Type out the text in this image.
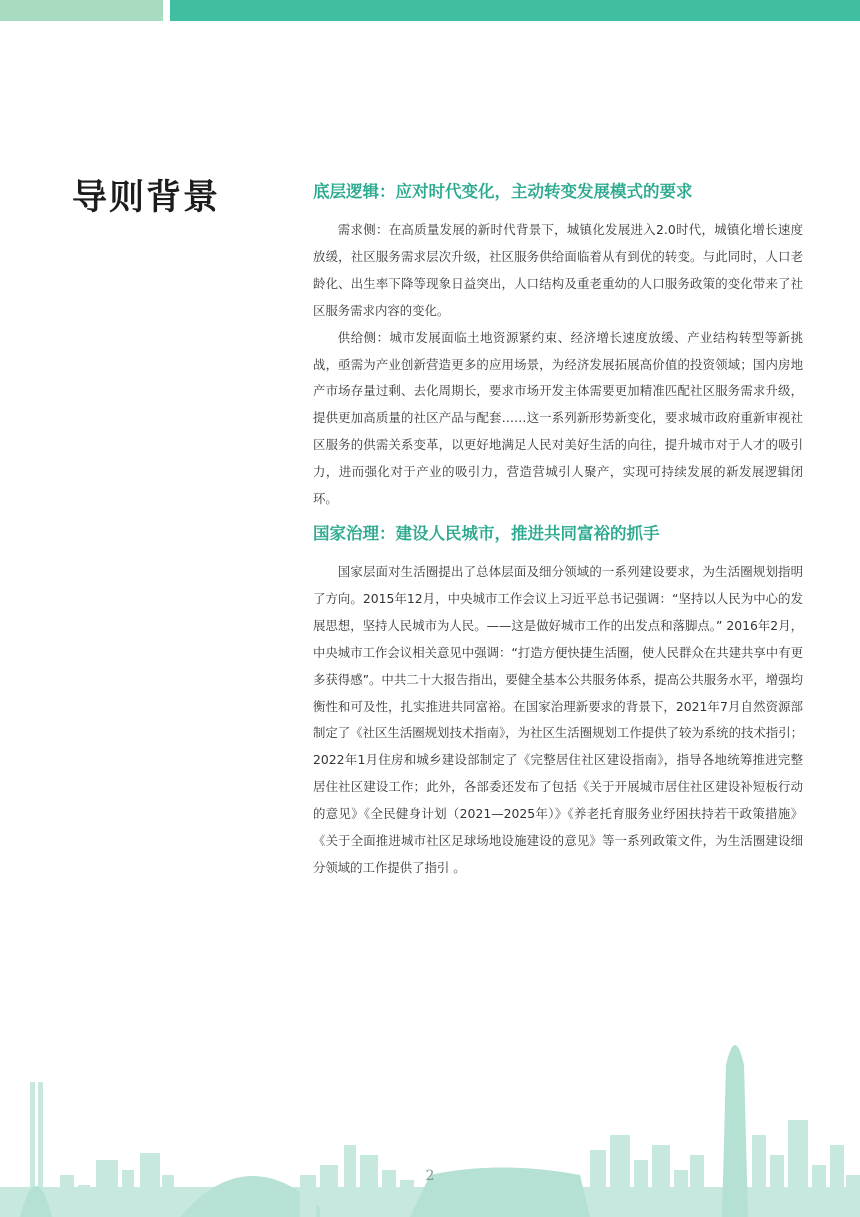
导则背景	底层逻辑：应对时代变化，主动转变发展模式的要求

需求侧：在高质量发展的新时代背景下，城镇化发展进入2.0时代，城镇化增长速度放缓，社区服务需求层次升级，社区服务供给面临着从有到优的转变。与此同时，人口老龄化、出生率下降等现象日益突出，人口结构及重老重幼的人口服务政策的变化带来了社区服务需求内容的变化。

供给侧：城市发展面临土地资源紧约束、经济增长速度放缓、产业结构转型等新挑战，亟需为产业创新营造更多的应用场景，为经济发展拓展高价值的投资领域；国内房地产市场存量过剩、去化周期长，要求市场开发主体需要更加精准匹配社区服务需求升级，提供更加高质量的社区产品与配套……这一系列新形势新变化，要求城市政府重新审视社区服务的供需关系变革，以更好地满足人民对美好生活的向往，提升城市对于人才的吸引力，进而强化对于产业的吸引力，营造营城引人聚产，实现可持续发展的新发展逻辑闭环。

国家治理：建设人民城市，推进共同富裕的抓手

国家层面对生活圈提出了总体层面及细分领域的一系列建设要求，为生活圈规划指明了方向。2015年12月，中央城市工作会议上习近平总书记强调：“坚持以人民为中心的发展思想，坚持人民城市为人民。——这是做好城市工作的出发点和落脚点。” 2016年2月，中央城市工作会议相关意见中强调：“打造方便快捷生活圈，使人民群众在共建共享中有更多获得感”。中共二十大报告指出，要健全基本公共服务体系，提高公共服务水平，增强均衡性和可及性，扎实推进共同富裕。在国家治理新要求的背景下，2021年7月自然资源部制定了《社区生活圈规划技术指南》，为社区生活圈规划工作提供了较为系统的技术指引；2022年1月住房和城乡建设部制定了《完整居住社区建设指南》，指导各地统筹推进完整居住社区建设工作；此外，各部委还发布了包括《关于开展城市居住社区建设补短板行动的意见》《全民健身计划（2021—2025年）》《养老托育服务业纾困扶持若干政策措施》《关于全面推进城市社区足球场地设施建设的意见》等一系列政策文件，为生活圈建设细分领域的工作提供了指引 。

2
